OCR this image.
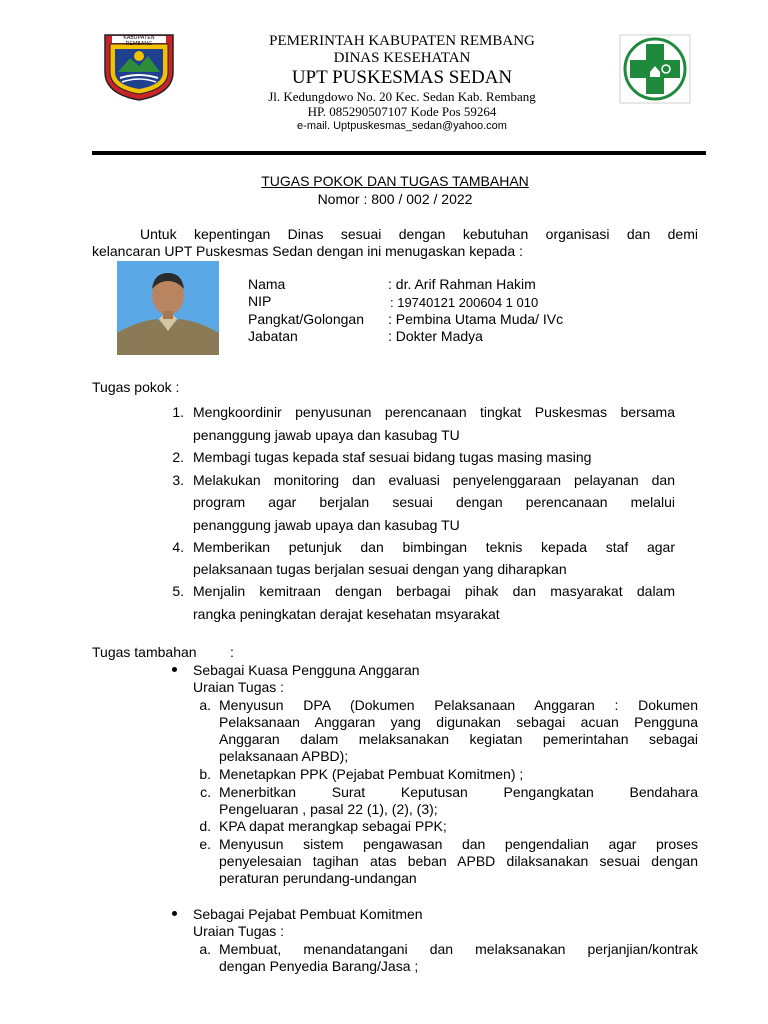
KABUPATEN REMBANG	PEMERINTAH KABUPATEN REMBANG
DINAS KESEHATAN
UPT PUSKESMAS SEDAN
Jl. Kedungdowo No. 20 Kec. Sedan Kab. Rembang
HP. 085290507107 Kode Pos 59264
e-mail. Uptpuskesmas_sedan@yahoo.com
TUGAS POKOK DAN TUGAS TAMBAHAN
Nomor : 800 / 002 / 2022
Untuk kepentingan Dinas sesuai dengan kebutuhan organisasi dan demi
kelancaran UPT Puskesmas Sedan dengan ini menugaskan kepada :
Nama	: dr. Arif Rahman Hakim
NIP	: 19740121 200604 1 010
Pangkat/Golongan : Pembina Utama Muda/ IVc
Jabatan	: Dokter Madya
Tugas pokok :
1. Mengkoordinir penyusunan perencanaan tingkat Puskesmas bersama
penanggung jawab upaya dan kasubag TU
2. Membagi tugas kepada staf sesuai bidang tugas masing masing
3. Melakukan monitoring dan evaluasi penyelenggaraan pelayanan dan
program agar berjalan sesuai dengan perencanaan melalui
penanggung jawab upaya dan kasubag TU
4. Memberikan petunjuk dan bimbingan teknis kepada staf agar
pelaksanaan tugas berjalan sesuai dengan yang diharapkan
5. Menjalin kemitraan dengan berbagai pihak dan masyarakat dalam
rangka peningkatan derajat kesehatan msyarakat
Tugas tambahan :
Sebagai Kuasa Pengguna Anggaran
Uraian Tugas :
a. Menyusun DPA (Dokumen Pelaksanaan Anggaran : Dokumen
Pelaksanaan Anggaran yang digunakan sebagai acuan Pengguna
Anggaran dalam melaksanakan kegiatan pemerintahan sebagai
pelaksanaan APBD);
b. Menetapkan PPK (Pejabat Pembuat Komitmen) ;
c. Menerbitkan Surat Keputusan Pengangkatan Bendahara
Pengeluaran , pasal 22 (1), (2), (3);
d. KPA dapat merangkap sebagai PPK;
e. Menyusun sistem pengawasan dan pengendalian agar proses
penyelesaian tagihan atas beban APBD dilaksanakan sesuai dengan
peraturan perundang-undangan
Sebagai Pejabat Pembuat Komitmen
Uraian Tugas :
a. Membuat, menandatangani dan melaksanakan perjanjian/kontrak
dengan Penyedia Barang/Jasa ;
